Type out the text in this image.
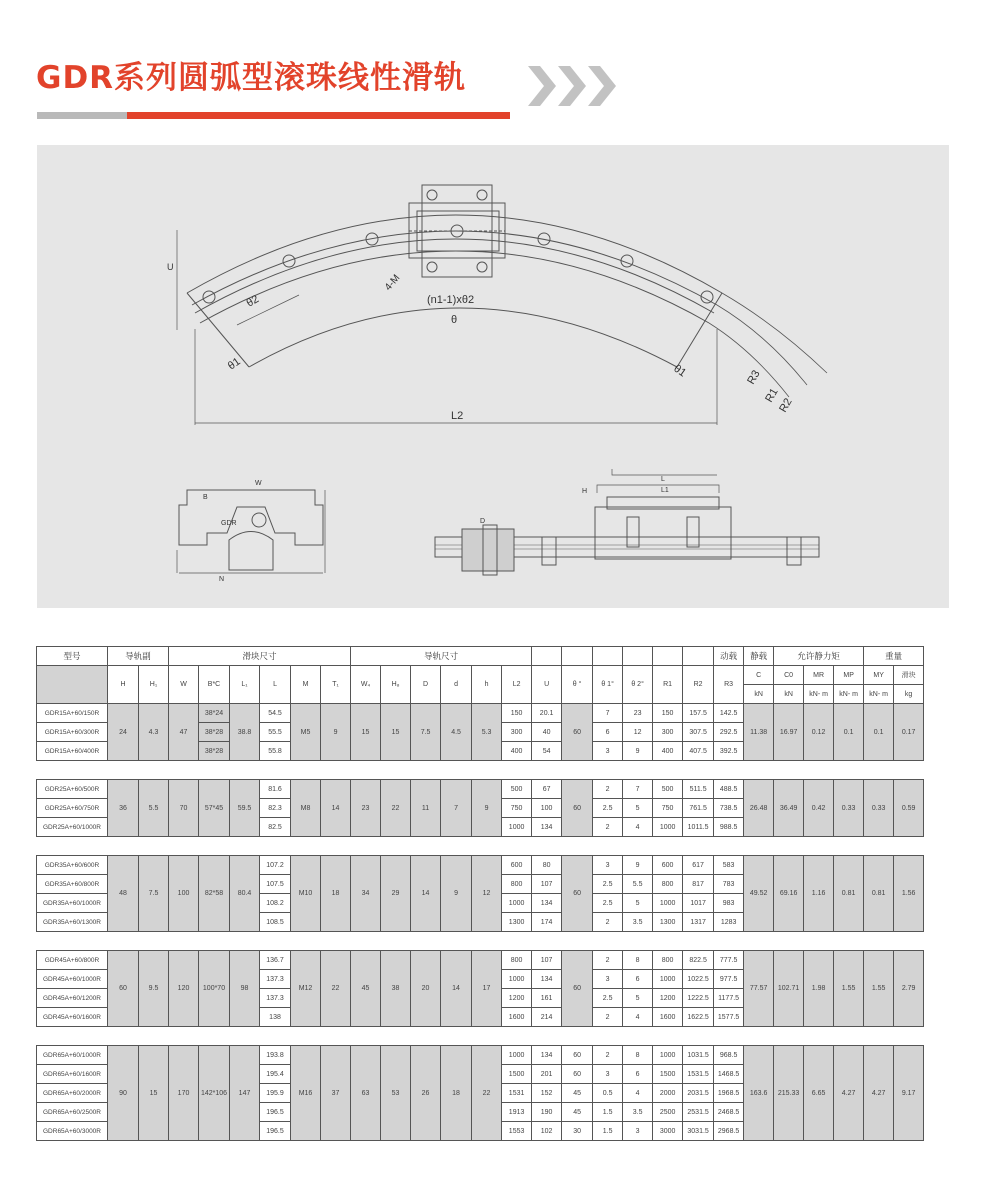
GDR系列圆弧型滚珠线性滑轨
U
4-M
(n1-1)xθ2
θ
θ2
θ1	θ1	R3
R1
R2
L2
W
B
GDR
N
L1
L
H
D
型号	导轨副		滑块尺寸						导轨尺寸												动载	静载	允许静力矩			重量		
	H	H₁	W	B*C	L₁	L	M	T₁	W₄	H₈	D	d	h	L2	U	θ °	θ 1°	θ 2°	R1	R2	R3	C	C0	MR	MP	MY	滑块	
																						kN	kN	kN- m	kN- m	kN- m	kg	
GDR15A+60/150R	24	4.3	47	38*24	38.8	54.5	M5	9	15	15	7.5	4.5	5.3	150	20.1	60	7	23	150	157.5	142.5	11.38	16.97	0.12	0.1	0.1	0.17	
GDR15A+60/300R				38*28		55.5								300	40		6	12	300	307.5	292.5							
GDR15A+60/400R				38*28		55.8								400	54		3	9	400	407.5	392.5							

GDR25A+60/500R	36	5.5	70	57*45	59.5	81.6	M8	14	23	22	11	7	9	500	67	60	2	7	500	511.5	488.5	26.48	36.49	0.42	0.33	0.33	0.59	
GDR25A+60/750R						82.3								750	100		2.5	5	750	761.5	738.5							
GDR25A+60/1000R						82.5								1000	134		2	4	1000	1011.5	988.5							

GDR35A+60/600R	48	7.5	100	82*58	80.4	107.2	M10	18	34	29	14	9	12	600	80	60	3	9	600	617	583	49.52	69.16	1.16	0.81	0.81	1.56	
GDR35A+60/800R						107.5								800	107		2.5	5.5	800	817	783							
GDR35A+60/1000R						108.2								1000	134		2.5	5	1000	1017	983							
GDR35A+60/1300R						108.5								1300	174		2	3.5	1300	1317	1283							

GDR45A+60/800R	60	9.5	120	100*70	98	136.7	M12	22	45	38	20	14	17	800	107	60	2	8	800	822.5	777.5	77.57	102.71	1.98	1.55	1.55	2.79	
GDR45A+60/1000R						137.3								1000	134		3	6	1000	1022.5	977.5							
GDR45A+60/1200R						137.3								1200	161		2.5	5	1200	1222.5	1177.5							
GDR45A+60/1600R						138								1600	214		2	4	1600	1622.5	1577.5							

GDR65A+60/1000R	90	15	170	142*106	147	193.8	M16	37	63	53	26	18	22	1000	134	60	2	8	1000	1031.5	968.5	163.6	215.33	6.65	4.27	4.27	9.17	
GDR65A+60/1600R						195.4								1500	201	60	3	6	1500	1531.5	1468.5							
GDR65A+60/2000R						195.9								1531	152	45	0.5	4	2000	2031.5	1968.5							
GDR65A+60/2500R						196.5								1913	190	45	1.5	3.5	2500	2531.5	2468.5							
GDR65A+60/3000R						196.5								1553	102	30	1.5	3	3000	3031.5	2968.5							
